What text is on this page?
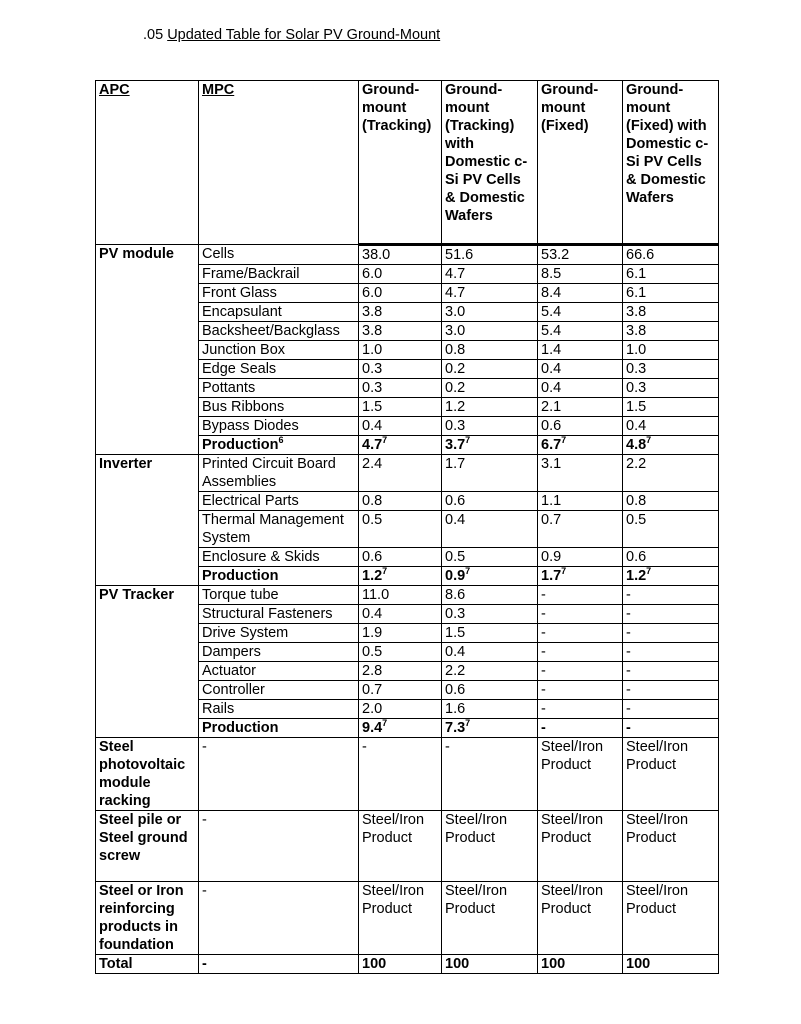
.05 Updated Table for Solar PV Ground-Mount
APC	MPC	Ground-mount (Tracking)	Ground-mount (Tracking) with Domestic c-Si PV Cells & Domestic Wafers	Ground-mount (Fixed)	Ground-mount (Fixed) with Domestic c-Si PV Cells & Domestic Wafers
PV module	Cells	38.0	51.6	53.2	66.6
	Frame/Backrail	6.0	4.7	8.5	6.1
	Front Glass	6.0	4.7	8.4	6.1
	Encapsulant	3.8	3.0	5.4	3.8
	Backsheet/Backglass	3.8	3.0	5.4	3.8
	Junction Box	1.0	0.8	1.4	1.0
	Edge Seals	0.3	0.2	0.4	0.3
	Pottants	0.3	0.2	0.4	0.3
	Bus Ribbons	1.5	1.2	2.1	1.5
	Bypass Diodes	0.4	0.3	0.6	0.4
	Production$^6$	$4.7^7$	$3.7^7$	$6.7^7$	$4.8^7$
Inverter	Printed Circuit Board Assemblies	2.4	1.7	3.1	2.2
	Electrical Parts	0.8	0.6	1.1	0.8
	Thermal Management System	0.5	0.4	0.7	0.5
	Enclosure & Skids	0.6	0.5	0.9	0.6
	Production	$1.2^7$	$0.9^7$	$1.7^7$	$1.2^7$
PV Tracker	Torque tube	11.0	8.6	-	-
	Structural Fasteners	0.4	0.3	-	-
	Drive System	1.9	1.5	-	-
	Dampers	0.5	0.4	-	-
	Actuator	2.8	2.2	-	-
	Controller	0.7	0.6	-	-
	Rails	2.0	1.6	-	-
	Production	$9.4^7$	$7.3^7$	-	-
Steel photovoltaic module racking	-	-	-	Steel/Iron Product	Steel/Iron Product
Steel pile or Steel ground screw	-	Steel/Iron Product	Steel/Iron Product	Steel/Iron Product	Steel/Iron Product
Steel or Iron reinforcing products in foundation	-	Steel/Iron Product	Steel/Iron Product	Steel/Iron Product	Steel/Iron Product
Total	-	100	100	100	100
